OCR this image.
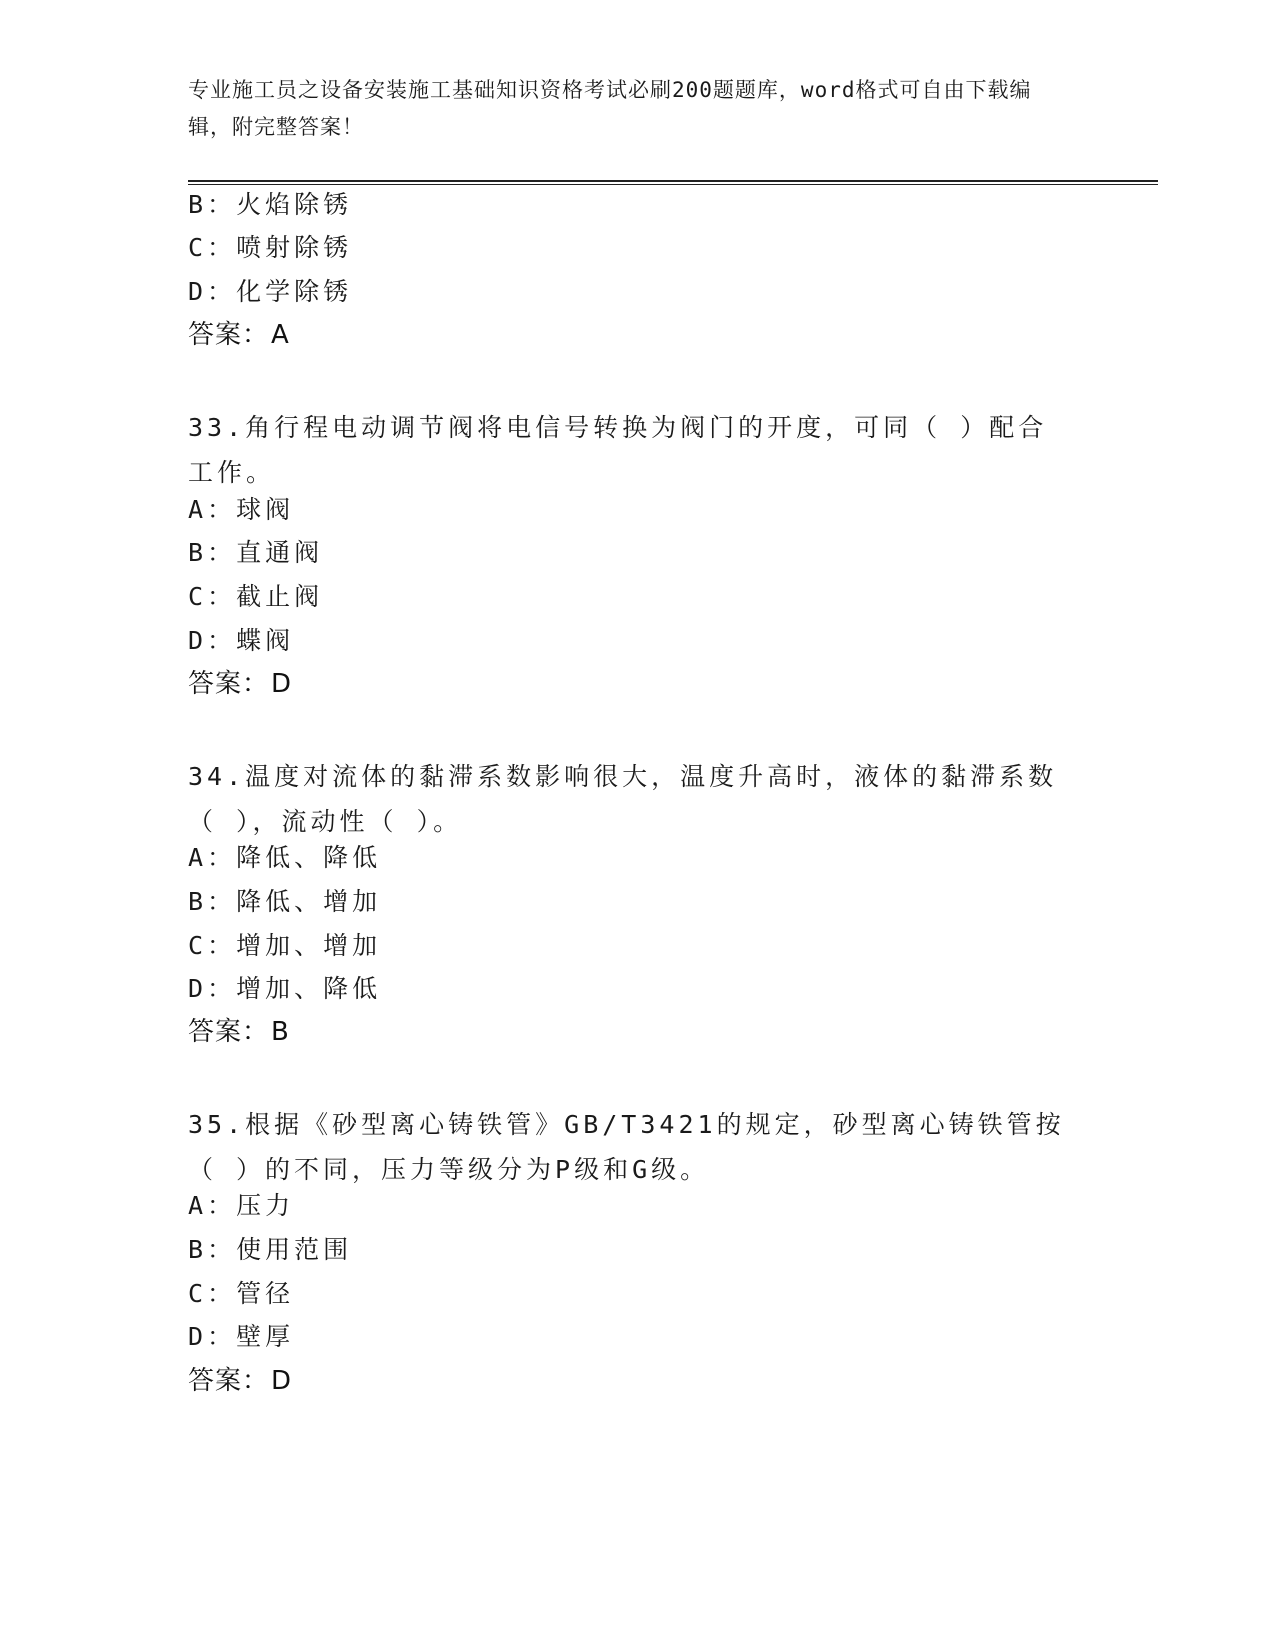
专业施工员之设备安装施工基础知识资格考试必刷200题题库，word格式可自由下载编辑，附完整答案！
B：火焰除锈
C：喷射除锈
D：化学除锈
答案：A
33.角行程电动调节阀将电信号转换为阀门的开度，可同（ ）配合工作。
A：球阀
B：直通阀
C：截止阀
D：蝶阀
答案：D
34.温度对流体的黏滞系数影响很大，温度升高时，液体的黏滞系数（ ），流动性（ ）。
A：降低、降低
B：降低、增加
C：增加、增加
D：增加、降低
答案：B
35.根据《砂型离心铸铁管》GB/T3421的规定，砂型离心铸铁管按（ ）的不同，压力等级分为P级和G级。
A：压力
B：使用范围
C：管径
D：壁厚
答案：D
